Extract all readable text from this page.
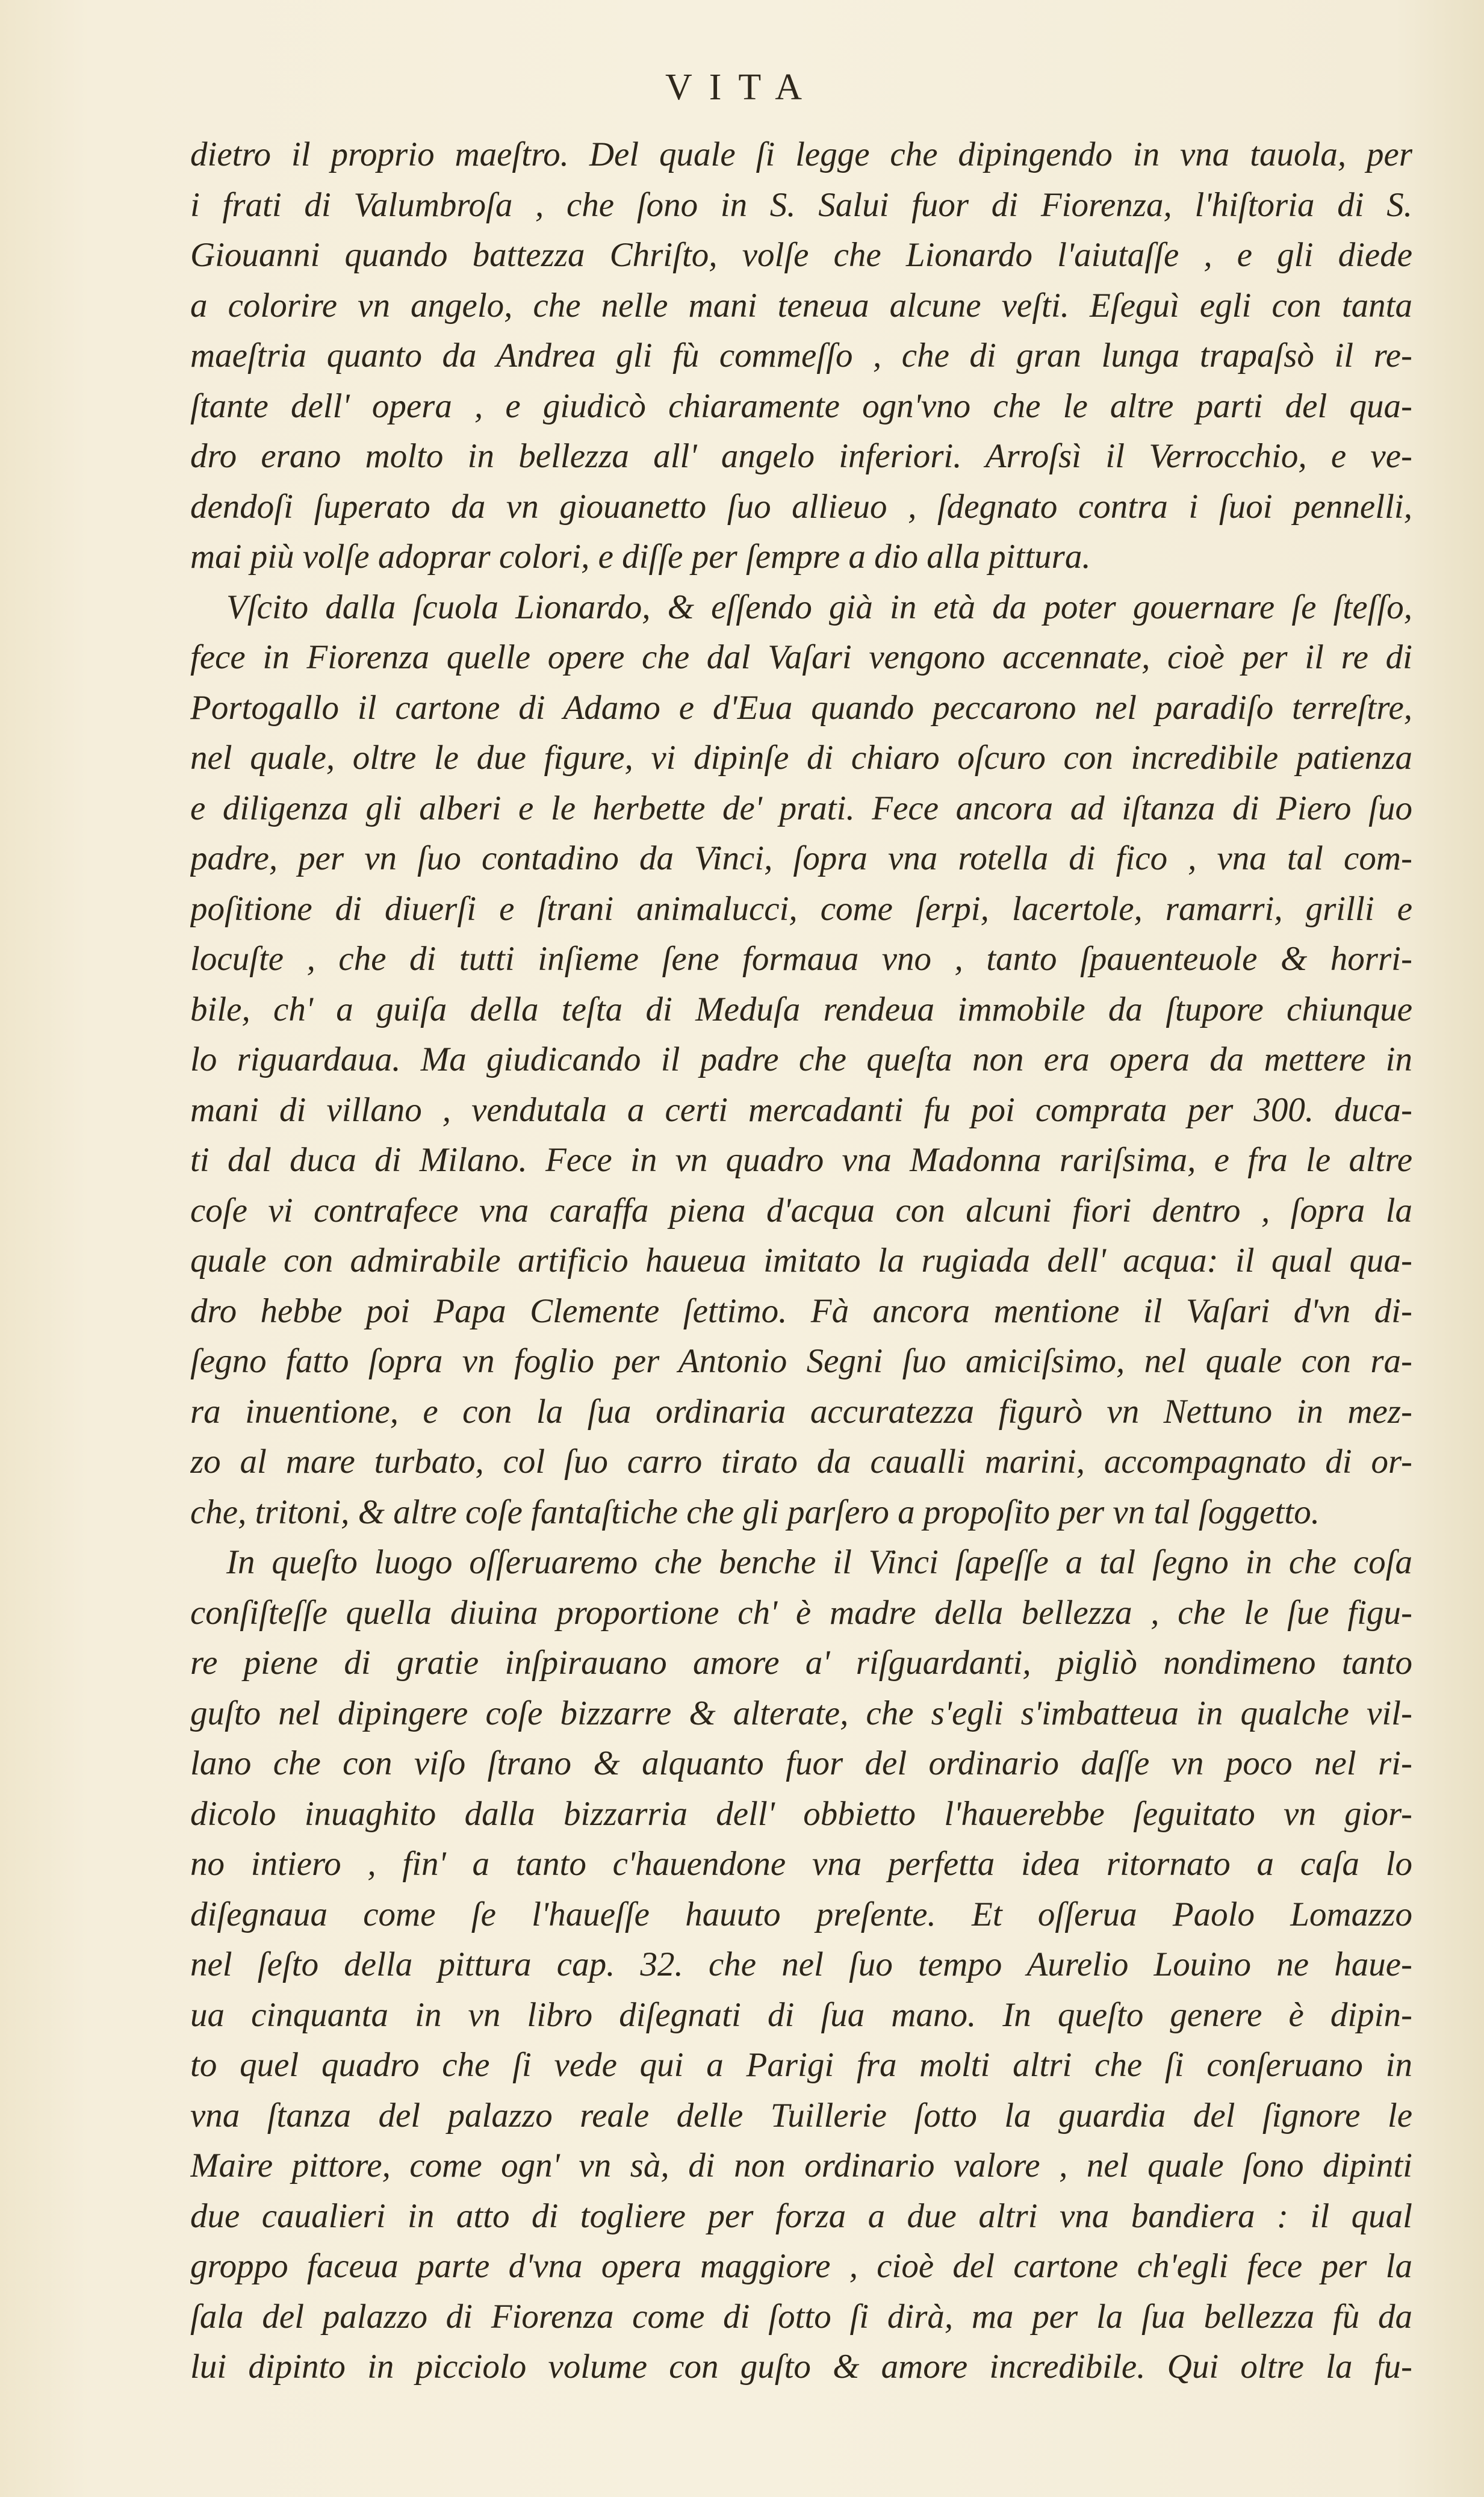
VITA
dietro il proprio maeſtro. Del quale ſi legge che dipingendo in vna tauola, per
i frati di Valumbroſa , che ſono in S. Salui fuor di Fiorenza, l'hiſtoria di S.
Giouanni quando battezza Chriſto, volſe che Lionardo l'aiutaſſe , e gli diede
a colorire vn angelo, che nelle mani teneua alcune veſti. Eſeguì egli con tanta
maeſtria quanto da Andrea gli fù commeſſo , che di gran lunga trapaſsò il re-
ſtante dell' opera , e giudicò chiaramente ogn'vno che le altre parti del qua-
dro erano molto in bellezza all' angelo inferiori. Arroſsì il Verrocchio, e ve-
dendoſi ſuperato da vn giouanetto ſuo allieuo , ſdegnato contra i ſuoi pennelli,
mai più volſe adoprar colori, e diſſe per ſempre a dio alla pittura.
Vſcito dalla ſcuola Lionardo, & eſſendo già in età da poter gouernare ſe ſteſſo,
fece in Fiorenza quelle opere che dal Vaſari vengono accennate, cioè per il re di
Portogallo il cartone di Adamo e d'Eua quando peccarono nel paradiſo terreſtre,
nel quale, oltre le due figure, vi dipinſe di chiaro oſcuro con incredibile patienza
e diligenza gli alberi e le herbette de' prati. Fece ancora ad iſtanza di Piero ſuo
padre, per vn ſuo contadino da Vinci, ſopra vna rotella di fico , vna tal com-
poſitione di diuerſi e ſtrani animalucci, come ſerpi, lacertole, ramarri, grilli e
locuſte , che di tutti inſieme ſene formaua vno , tanto ſpauenteuole & horri-
bile, ch' a guiſa della teſta di Meduſa rendeua immobile da ſtupore chiunque
lo riguardaua. Ma giudicando il padre che queſta non era opera da mettere in
mani di villano , vendutala a certi mercadanti fu poi comprata per 300. duca-
ti dal duca di Milano. Fece in vn quadro vna Madonna rariſsima, e fra le altre
coſe vi contrafece vna caraffa piena d'acqua con alcuni fiori dentro , ſopra la
quale con admirabile artificio haueua imitato la rugiada dell' acqua: il qual qua-
dro hebbe poi Papa Clemente ſettimo. Fà ancora mentione il Vaſari d'vn di-
ſegno fatto ſopra vn foglio per Antonio Segni ſuo amiciſsimo, nel quale con ra-
ra inuentione, e con la ſua ordinaria accuratezza figurò vn Nettuno in mez-
zo al mare turbato, col ſuo carro tirato da caualli marini, accompagnato di or-
che, tritoni, & altre coſe fantaſtiche che gli parſero a propoſito per vn tal ſoggetto.
In queſto luogo oſſeruaremo che benche il Vinci ſapeſſe a tal ſegno in che coſa
conſiſteſſe quella diuina proportione ch' è madre della bellezza , che le ſue figu-
re piene di gratie inſpirauano amore a' riſguardanti, pigliò nondimeno tanto
guſto nel dipingere coſe bizzarre & alterate, che s'egli s'imbatteua in qualche vil-
lano che con viſo ſtrano & alquanto fuor del ordinario daſſe vn poco nel ri-
dicolo inuaghito dalla bizzarria dell' obbietto l'hauerebbe ſeguitato vn gior-
no intiero , fin' a tanto c'hauendone vna perfetta idea ritornato a caſa lo
diſegnaua come ſe l'haueſſe hauuto preſente. Et oſſerua Paolo Lomazzo
nel ſeſto della pittura cap. 32. che nel ſuo tempo Aurelio Louino ne haue-
ua cinquanta in vn libro diſegnati di ſua mano. In queſto genere è dipin-
to quel quadro che ſi vede qui a Parigi fra molti altri che ſi conſeruano in
vna ſtanza del palazzo reale delle Tuillerie ſotto la guardia del ſignore le
Maire pittore, come ogn' vn sà, di non ordinario valore , nel quale ſono dipinti
due caualieri in atto di togliere per forza a due altri vna bandiera : il qual
groppo faceua parte d'vna opera maggiore , cioè del cartone ch'egli fece per la
ſala del palazzo di Fiorenza come di ſotto ſi dirà, ma per la ſua bellezza fù da
lui dipinto in picciolo volume con guſto & amore incredibile. Qui oltre la fu-
